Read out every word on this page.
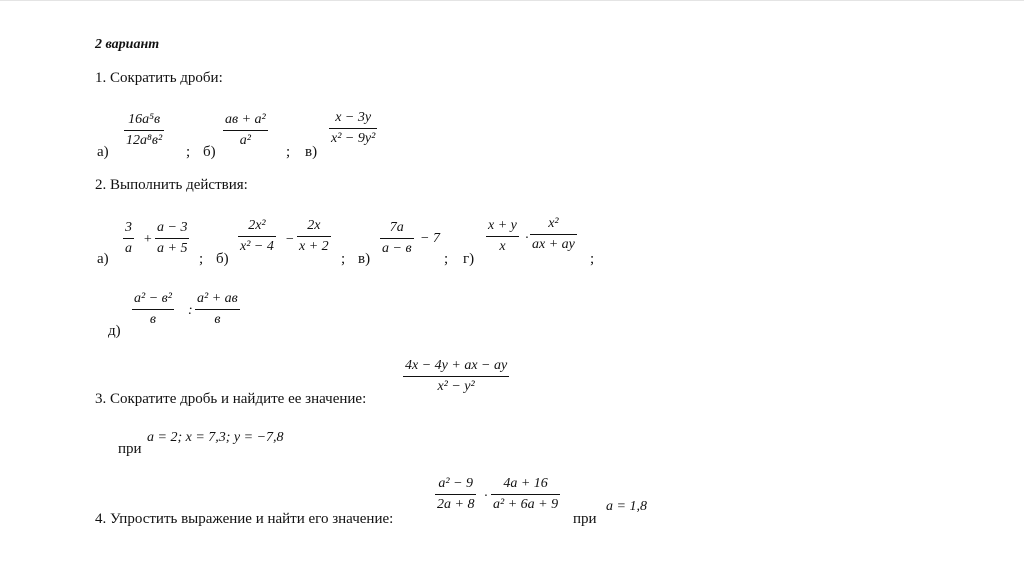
2 вариант
1. Сократить дроби:
а)
16a⁵в
12a⁸в²
; б)
aв + a²
a²
; в)
x − 3y
x² − 9y²
2. Выполнить действия:
а)
3
a
+
a − 3
a + 5
; б)
2x²
x² − 4 −
2x
x + 2
; в)
7a
a − в
− 7
; г)
x + y
x
·
x²
ax + ay
;
д)
a² − в²
в
:
a² + aв
в
4x − 4y + ax − ay
x² − y²
3. Сократите дробь и найдите ее значение:
при
a = 2; x = 7,3; y = −7,8
4. Упростить выражение и найти его значение:
a² − 9
2a + 8
·
4a + 16
a² + 6a + 9
при
a = 1,8
